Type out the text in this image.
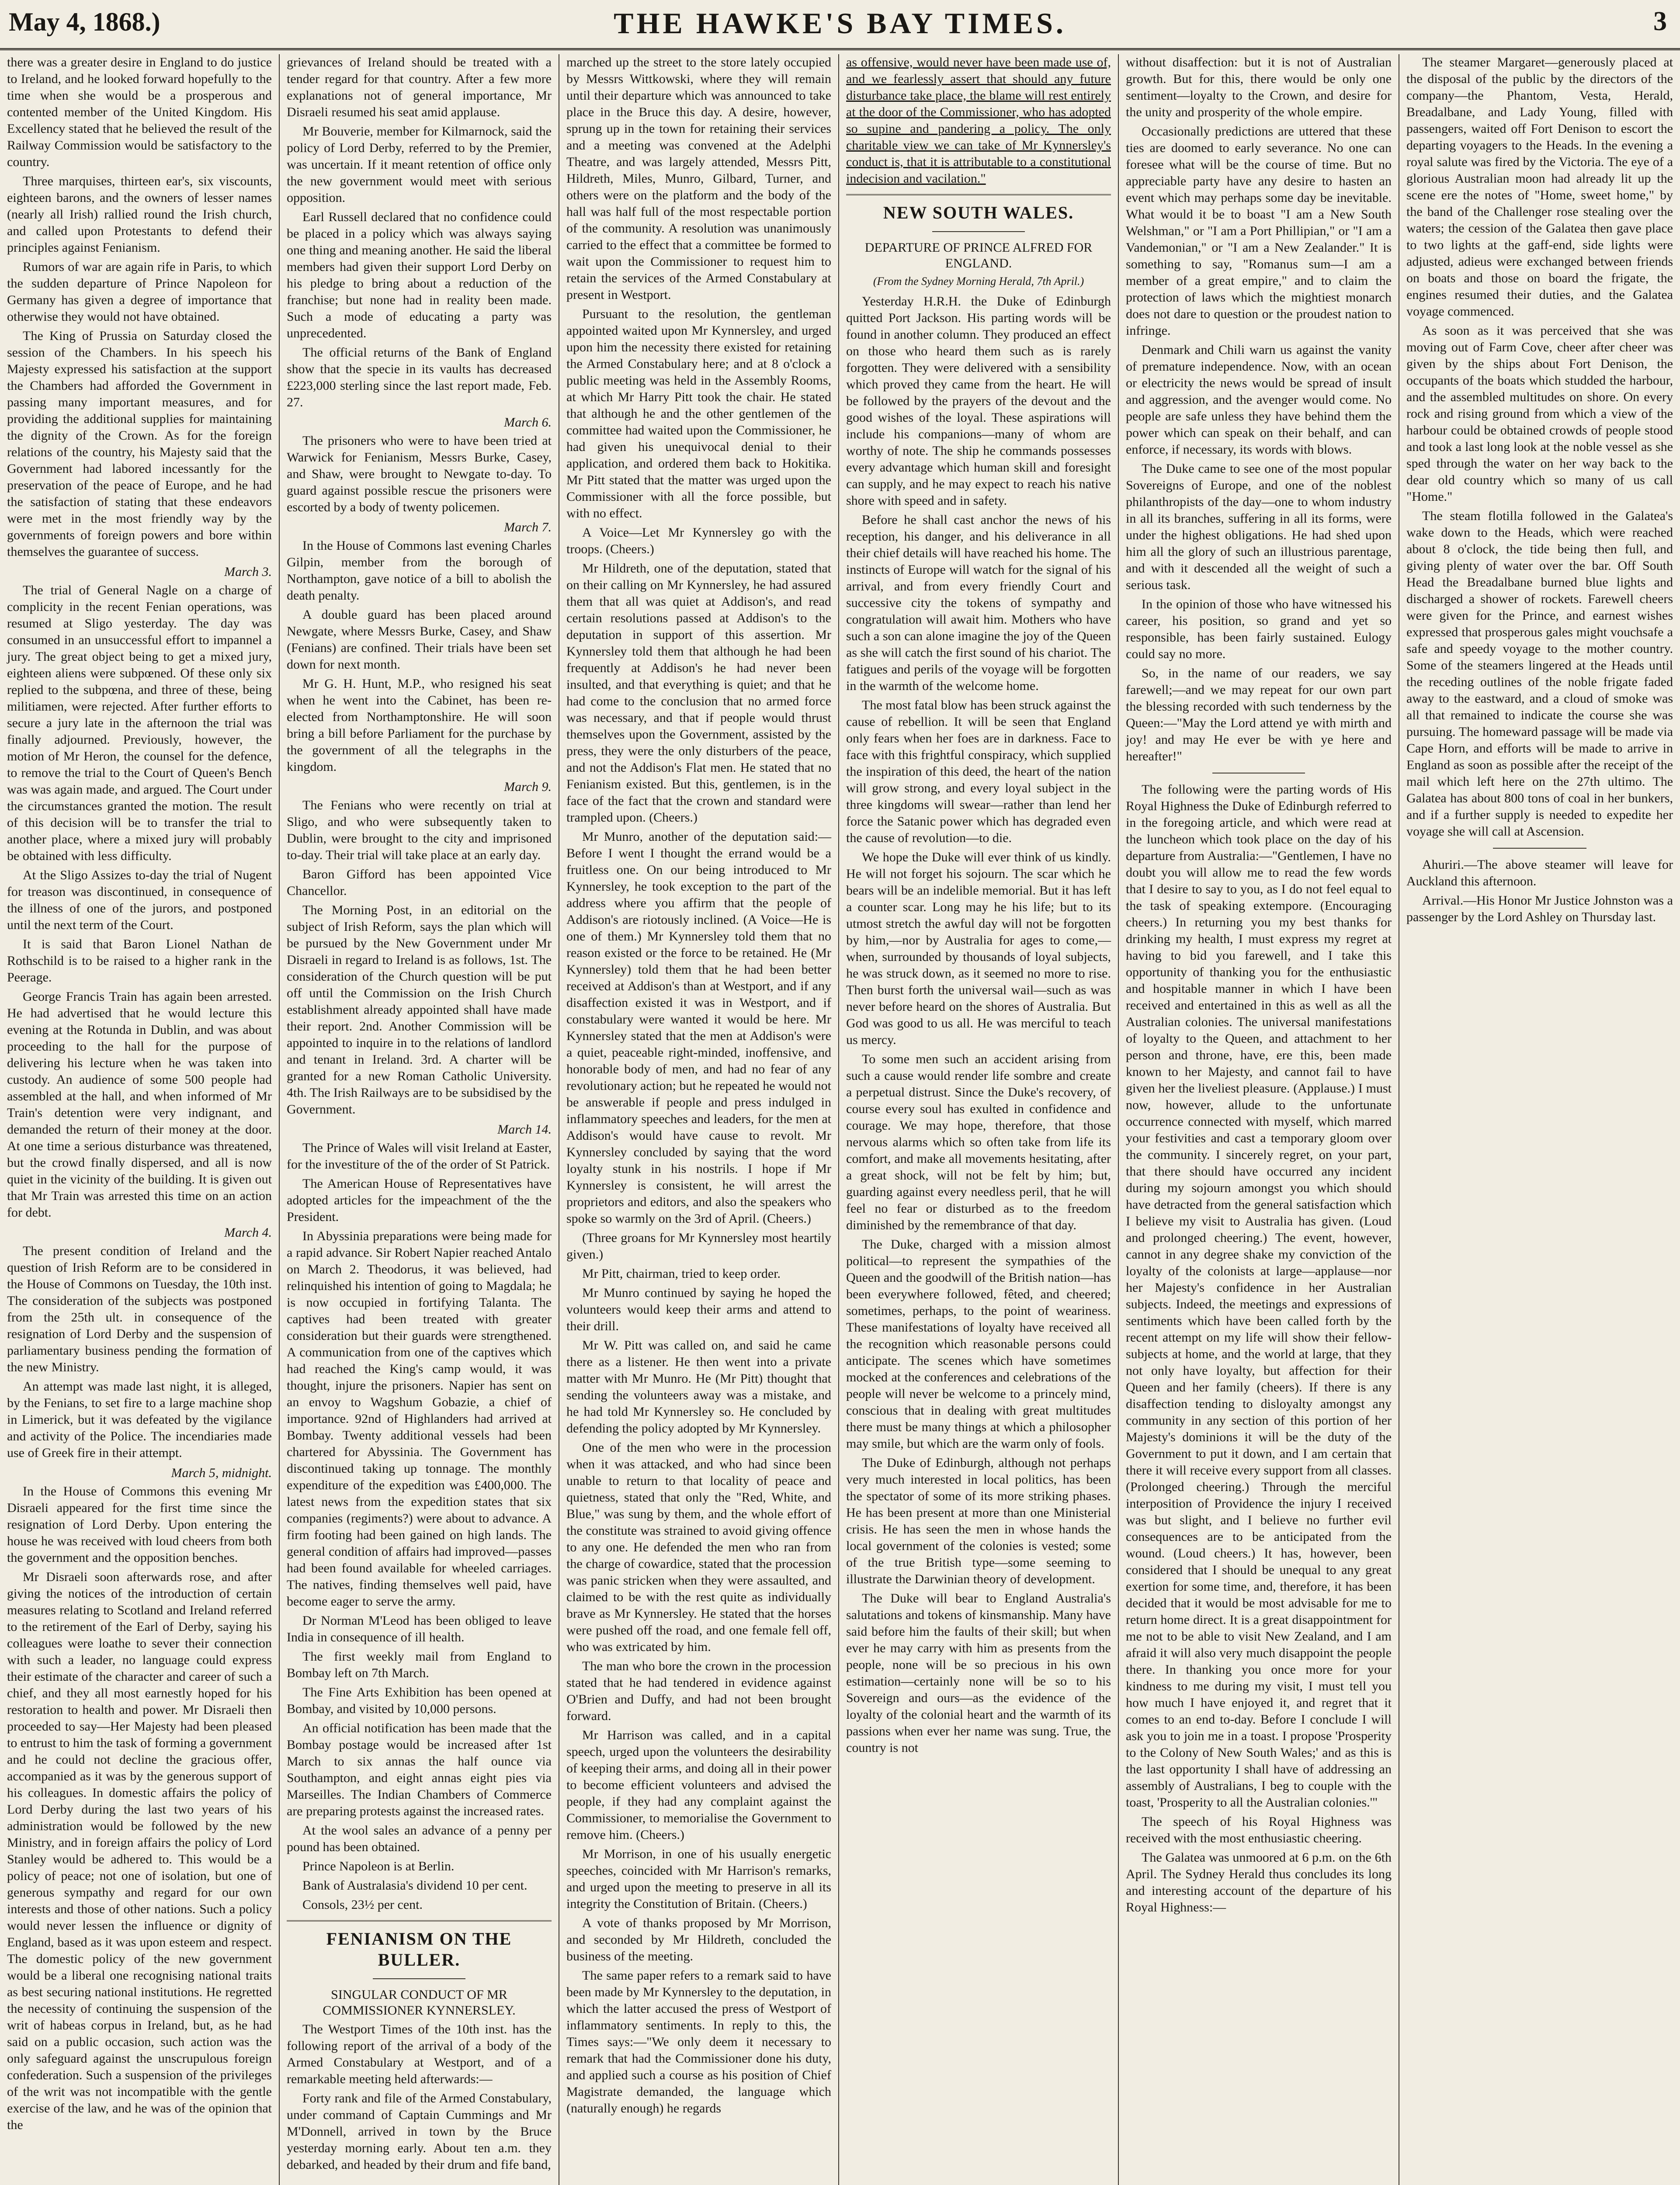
May 4, 1868.)	THE HAWKE'S BAY TIMES.	3

there was a greater desire in England to do justice to Ireland, and he looked forward hopefully to the time when she would be a prosperous and contented member of the United Kingdom. His Excellency stated that he believed the result of the Railway Commission would be satisfactory to the country.

Three marquises, thirteen ear's, six viscounts, eighteen barons, and the owners of lesser names (nearly all Irish) rallied round the Irish church, and called upon Protestants to defend their principles against Fenianism.

Rumors of war are again rife in Paris, to which the sudden departure of Prince Napoleon for Germany has given a degree of importance that otherwise they would not have obtained.

The King of Prussia on Saturday closed the session of the Chambers. In his speech his Majesty expressed his satisfaction at the support the Chambers had afforded the Government in passing many important measures, and for providing the additional supplies for maintaining the dignity of the Crown. As for the foreign relations of the country, his Majesty said that the Government had labored incessantly for the preservation of the peace of Europe, and he had the satisfaction of stating that these endeavors were met in the most friendly way by the governments of foreign powers and bore within themselves the guarantee of success.

March 3.

The trial of General Nagle on a charge of complicity in the recent Fenian operations, was resumed at Sligo yesterday. The day was consumed in an unsuccessful effort to impannel a jury. The great object being to get a mixed jury, eighteen aliens were subpœned. Of these only six replied to the subpœna, and three of these, being militiamen, were rejected. After further efforts to secure a jury late in the afternoon the trial was finally adjourned. Previously, however, the motion of Mr Heron, the counsel for the defence, to remove the trial to the Court of Queen's Bench was was again made, and argued. The Court under the circumstances granted the motion. The result of this decision will be to transfer the trial to another place, where a mixed jury will probably be obtained with less difficulty.

At the Sligo Assizes to-day the trial of Nugent for treason was discontinued, in consequence of the illness of one of the jurors, and postponed until the next term of the Court.

It is said that Baron Lionel Nathan de Rothschild is to be raised to a higher rank in the Peerage.

George Francis Train has again been arrested. He had advertised that he would lecture this evening at the Rotunda in Dublin, and was about proceeding to the hall for the purpose of delivering his lecture when he was taken into custody. An audience of some 500 people had assembled at the hall, and when informed of Mr Train's detention were very indignant, and demanded the return of their money at the door. At one time a serious disturbance was threatened, but the crowd finally dispersed, and all is now quiet in the vicinity of the building. It is given out that Mr Train was arrested this time on an action for debt.

March 4.

The present condition of Ireland and the question of Irish Reform are to be considered in the House of Commons on Tuesday, the 10th inst. The consideration of the subjects was postponed from the 25th ult. in consequence of the resignation of Lord Derby and the suspension of parliamentary business pending the formation of the new Ministry.

An attempt was made last night, it is alleged, by the Fenians, to set fire to a large machine shop in Limerick, but it was defeated by the vigilance and activity of the Police. The incendiaries made use of Greek fire in their attempt.

March 5, midnight.

In the House of Commons this evening Mr Disraeli appeared for the first time since the resignation of Lord Derby. Upon entering the house he was received with loud cheers from both the government and the opposition benches.

Mr Disraeli soon afterwards rose, and after giving the notices of the introduction of certain measures relating to Scotland and Ireland referred to the retirement of the Earl of Derby, saying his colleagues were loathe to sever their connection with such a leader, no language could express their estimate of the character and career of such a chief, and they all most earnestly hoped for his restoration to health and power. Mr Disraeli then proceeded to say—Her Majesty had been pleased to entrust to him the task of forming a government and he could not decline the gracious offer, accompanied as it was by the generous support of his colleagues. In domestic affairs the policy of Lord Derby during the last two years of his administration would be followed by the new Ministry, and in foreign affairs the policy of Lord Stanley would be adhered to. This would be a policy of peace; not one of isolation, but one of generous sympathy and regard for our own interests and those of other nations. Such a policy would never lessen the influence or dignity of England, based as it was upon esteem and respect. The domestic policy of the new government would be a liberal one recognising national traits as best securing national institutions. He regretted the necessity of continuing the suspension of the writ of habeas corpus in Ireland, but, as he had said on a public occasion, such action was the only safeguard against the unscrupulous foreign confederation. Such a suspension of the privileges of the writ was not incompatible with the gentle exercise of the law, and he was of the opinion that the

grievances of Ireland should be treated with a tender regard for that country. After a few more explanations not of general importance, Mr Disraeli resumed his seat amid applause.

Mr Bouverie, member for Kilmarnock, said the policy of Lord Derby, referred to by the Premier, was uncertain. If it meant retention of office only the new government would meet with serious opposition.

Earl Russell declared that no confidence could be placed in a policy which was always saying one thing and meaning another. He said the liberal members had given their support Lord Derby on his pledge to bring about a reduction of the franchise; but none had in reality been made. Such a mode of educating a party was unprecedented.

The official returns of the Bank of England show that the specie in its vaults has decreased £223,000 sterling since the last report made, Feb. 27.

March 6.

The prisoners who were to have been tried at Warwick for Fenianism, Messrs Burke, Casey, and Shaw, were brought to Newgate to-day. To guard against possible rescue the prisoners were escorted by a body of twenty policemen.

March 7.

In the House of Commons last evening Charles Gilpin, member from the borough of Northampton, gave notice of a bill to abolish the death penalty.

A double guard has been placed around Newgate, where Messrs Burke, Casey, and Shaw (Fenians) are confined. Their trials have been set down for next month.

Mr G. H. Hunt, M.P., who resigned his seat when he went into the Cabinet, has been re-elected from Northamptonshire. He will soon bring a bill before Parliament for the purchase by the government of all the telegraphs in the kingdom.

March 9.

The Fenians who were recently on trial at Sligo, and who were subsequently taken to Dublin, were brought to the city and imprisoned to-day. Their trial will take place at an early day.

Baron Gifford has been appointed Vice Chancellor.

The Morning Post, in an editorial on the subject of Irish Reform, says the plan which will be pursued by the New Government under Mr Disraeli in regard to Ireland is as follows, 1st. The consideration of the Church question will be put off until the Commission on the Irish Church establishment already appointed shall have made their report. 2nd. Another Commission will be appointed to inquire in to the relations of landlord and tenant in Ireland. 3rd. A charter will be granted for a new Roman Catholic University. 4th. The Irish Railways are to be subsidised by the Government.

March 14.

The Prince of Wales will visit Ireland at Easter, for the investiture of the of the order of St Patrick.

The American House of Representatives have adopted articles for the impeachment of the the President.

In Abyssinia preparations were being made for a rapid advance. Sir Robert Napier reached Antalo on March 2. Theodorus, it was believed, had relinquished his intention of going to Magdala; he is now occupied in fortifying Talanta. The captives had been treated with greater consideration but their guards were strengthened. A communication from one of the captives which had reached the King's camp would, it was thought, injure the prisoners. Napier has sent on an envoy to Wagshum Gobazie, a chief of importance. 92nd of Highlanders had arrived at Bombay. Twenty additional vessels had been chartered for Abyssinia. The Government has discontinued taking up tonnage. The monthly expenditure of the expedition was £400,000. The latest news from the expedition states that six companies (regiments?) were about to advance. A firm footing had been gained on high lands. The general condition of affairs had improved—passes had been found available for wheeled carriages. The natives, finding themselves well paid, have become eager to serve the army.

Dr Norman M'Leod has been obliged to leave India in consequence of ill health.

The first weekly mail from England to Bombay left on 7th March.

The Fine Arts Exhibition has been opened at Bombay, and visited by 10,000 persons.

An official notification has been made that the Bombay postage would be increased after 1st March to six annas the half ounce via Southampton, and eight annas eight pies via Marseilles. The Indian Chambers of Commerce are preparing protests against the increased rates.

At the wool sales an advance of a penny per pound has been obtained.

Prince Napoleon is at Berlin.

Bank of Australasia's dividend 10 per cent.

Consols, 23½ per cent.

FENIANISM ON THE BULLER.
SINGULAR CONDUCT OF MR COMMISSIONER KYNNERSLEY.

The Westport Times of the 10th inst. has the following report of the arrival of a body of the Armed Constabulary at Westport, and of a remarkable meeting held afterwards:—

Forty rank and file of the Armed Constabulary, under command of Captain Cummings and Mr M'Donnell, arrived in town by the Bruce yesterday morning early. About ten a.m. they debarked, and headed by their drum and fife band,

marched up the street to the store lately occupied by Messrs Wittkowski, where they will remain until their departure which was announced to take place in the Bruce this day. A desire, however, sprung up in the town for retaining their services and a meeting was convened at the Adelphi Theatre, and was largely attended, Messrs Pitt, Hildreth, Miles, Munro, Gilbard, Turner, and others were on the platform and the body of the hall was half full of the most respectable portion of the community. A resolution was unanimously carried to the effect that a committee be formed to wait upon the Commissioner to request him to retain the services of the Armed Constabulary at present in Westport.

Pursuant to the resolution, the gentleman appointed waited upon Mr Kynnersley, and urged upon him the necessity there existed for retaining the Armed Constabulary here; and at 8 o'clock a public meeting was held in the Assembly Rooms, at which Mr Harry Pitt took the chair. He stated that although he and the other gentlemen of the committee had waited upon the Commissioner, he had given his unequivocal denial to their application, and ordered them back to Hokitika. Mr Pitt stated that the matter was urged upon the Commissioner with all the force possible, but with no effect.

A Voice—Let Mr Kynnersley go with the troops. (Cheers.)

Mr Hildreth, one of the deputation, stated that on their calling on Mr Kynnersley, he had assured them that all was quiet at Addison's, and read certain resolutions passed at Addison's to the deputation in support of this assertion. Mr Kynnersley told them that although he had been frequently at Addison's he had never been insulted, and that everything is quiet; and that he had come to the conclusion that no armed force was necessary, and that if people would thrust themselves upon the Government, assisted by the press, they were the only disturbers of the peace, and not the Addison's Flat men. He stated that no Fenianism existed. But this, gentlemen, is in the face of the fact that the crown and standard were trampled upon. (Cheers.)

Mr Munro, another of the deputation said:—Before I went I thought the errand would be a fruitless one. On our being introduced to Mr Kynnersley, he took exception to the part of the address where you affirm that the people of Addison's are riotously inclined. (A Voice—He is one of them.) Mr Kynnersley told them that no reason existed or the force to be retained. He (Mr Kynnersley) told them that he had been better received at Addison's than at Westport, and if any disaffection existed it was in Westport, and if constabulary were wanted it would be here. Mr Kynnersley stated that the men at Addison's were a quiet, peaceable right-minded, inoffensive, and honorable body of men, and had no fear of any revolutionary action; but he repeated he would not be answerable if people and press indulged in inflammatory speeches and leaders, for the men at Addison's would have cause to revolt. Mr Kynnersley concluded by saying that the word loyalty stunk in his nostrils. I hope if Mr Kynnersley is consistent, he will arrest the proprietors and editors, and also the speakers who spoke so warmly on the 3rd of April. (Cheers.)

(Three groans for Mr Kynnersley most heartily given.)

Mr Pitt, chairman, tried to keep order.

Mr Munro continued by saying he hoped the volunteers would keep their arms and attend to their drill.

Mr W. Pitt was called on, and said he came there as a listener. He then went into a private matter with Mr Munro. He (Mr Pitt) thought that sending the volunteers away was a mistake, and he had told Mr Kynnersley so. He concluded by defending the policy adopted by Mr Kynnersley.

One of the men who were in the procession when it was attacked, and who had since been unable to return to that locality of peace and quietness, stated that only the "Red, White, and Blue," was sung by them, and the whole effort of the constitute was strained to avoid giving offence to any one. He defended the men who ran from the charge of cowardice, stated that the procession was panic stricken when they were assaulted, and claimed to be with the rest quite as individually brave as Mr Kynnersley. He stated that the horses were pushed off the road, and one female fell off, who was extricated by him.

The man who bore the crown in the procession stated that he had tendered in evidence against O'Brien and Duffy, and had not been brought forward.

Mr Harrison was called, and in a capital speech, urged upon the volunteers the desirability of keeping their arms, and doing all in their power to become efficient volunteers and advised the people, if they had any complaint against the Commissioner, to memorialise the Government to remove him. (Cheers.)

Mr Morrison, in one of his usually energetic speeches, coincided with Mr Harrison's remarks, and urged upon the meeting to preserve in all its integrity the Constitution of Britain. (Cheers.)

A vote of thanks proposed by Mr Morrison, and seconded by Mr Hildreth, concluded the business of the meeting.

The same paper refers to a remark said to have been made by Mr Kynnersley to the deputation, in which the latter accused the press of Westport of inflammatory sentiments. In reply to this, the Times says:—"We only deem it necessary to remark that had the Commissioner done his duty, and applied such a course as his position of Chief Magistrate demanded, the language which (naturally enough) he regards

as offensive, would never have been made use of, and we fearlessly assert that should any future disturbance take place, the blame will rest entirely at the door of the Commissioner, who has adopted so supine and pandering a policy. The only charitable view we can take of Mr Kynnersley's conduct is, that it is attributable to a constitutional indecision and vacilation."

NEW SOUTH WALES.
DEPARTURE OF PRINCE ALFRED FOR ENGLAND.
(From the Sydney Morning Herald, 7th April.)

Yesterday H.R.H. the Duke of Edinburgh quitted Port Jackson. His parting words will be found in another column. They produced an effect on those who heard them such as is rarely forgotten. They were delivered with a sensibility which proved they came from the heart. He will be followed by the prayers of the devout and the good wishes of the loyal. These aspirations will include his companions—many of whom are worthy of note. The ship he commands possesses every advantage which human skill and foresight can supply, and he may expect to reach his native shore with speed and in safety.

Before he shall cast anchor the news of his reception, his danger, and his deliverance in all their chief details will have reached his home. The instincts of Europe will watch for the signal of his arrival, and from every friendly Court and successive city the tokens of sympathy and congratulation will await him. Mothers who have such a son can alone imagine the joy of the Queen as she will catch the first sound of his chariot. The fatigues and perils of the voyage will be forgotten in the warmth of the welcome home.

The most fatal blow has been struck against the cause of rebellion. It will be seen that England only fears when her foes are in darkness. Face to face with this frightful conspiracy, which supplied the inspiration of this deed, the heart of the nation will grow strong, and every loyal subject in the three kingdoms will swear—rather than lend her force the Satanic power which has degraded even the cause of revolution—to die.

We hope the Duke will ever think of us kindly. He will not forget his sojourn. The scar which he bears will be an indelible memorial. But it has left a counter scar. Long may he his life; but to its utmost stretch the awful day will not be forgotten by him,—nor by Australia for ages to come,—when, surrounded by thousands of loyal subjects, he was struck down, as it seemed no more to rise. Then burst forth the universal wail—such as was never before heard on the shores of Australia. But God was good to us all. He was merciful to teach us mercy.

To some men such an accident arising from such a cause would render life sombre and create a perpetual distrust. Since the Duke's recovery, of course every soul has exulted in confidence and courage. We may hope, therefore, that those nervous alarms which so often take from life its comfort, and make all movements hesitating, after a great shock, will not be felt by him; but, guarding against every needless peril, that he will feel no fear or disturbed as to the freedom diminished by the remembrance of that day.

The Duke, charged with a mission almost political—to represent the sympathies of the Queen and the goodwill of the British nation—has been everywhere followed, fêted, and cheered; sometimes, perhaps, to the point of weariness. These manifestations of loyalty have received all the recognition which reasonable persons could anticipate. The scenes which have sometimes mocked at the conferences and celebrations of the people will never be welcome to a princely mind, conscious that in dealing with great multitudes there must be many things at which a philosopher may smile, but which are the warm only of fools.

The Duke of Edinburgh, although not perhaps very much interested in local politics, has been the spectator of some of its more striking phases. He has been present at more than one Ministerial crisis. He has seen the men in whose hands the local government of the colonies is vested; some of the true British type—some seeming to illustrate the Darwinian theory of development.

The Duke will bear to England Australia's salutations and tokens of kinsmanship. Many have said before him the faults of their skill; but when ever he may carry with him as presents from the people, none will be so precious in his own estimation—certainly none will be so to his Sovereign and ours—as the evidence of the loyalty of the colonial heart and the warmth of its passions when ever her name was sung. True, the country is not

without disaffection: but it is not of Australian growth. But for this, there would be only one sentiment—loyalty to the Crown, and desire for the unity and prosperity of the whole empire.

Occasionally predictions are uttered that these ties are doomed to early severance. No one can foresee what will be the course of time. But no appreciable party have any desire to hasten an event which may perhaps some day be inevitable. What would it be to boast "I am a New South Welshman," or "I am a Port Phillipian," or "I am a Vandemonian," or "I am a New Zealander." It is something to say, "Romanus sum—I am a member of a great empire," and to claim the protection of laws which the mightiest monarch does not dare to question or the proudest nation to infringe.

Denmark and Chili warn us against the vanity of premature independence. Now, with an ocean or electricity the news would be spread of insult and aggression, and the avenger would come. No people are safe unless they have behind them the power which can speak on their behalf, and can enforce, if necessary, its words with blows.

The Duke came to see one of the most popular Sovereigns of Europe, and one of the noblest philanthropists of the day—one to whom industry in all its branches, suffering in all its forms, were under the highest obligations. He had shed upon him all the glory of such an illustrious parentage, and with it descended all the weight of such a serious task.

In the opinion of those who have witnessed his career, his position, so grand and yet so responsible, has been fairly sustained. Eulogy could say no more.

So, in the name of our readers, we say farewell;—and we may repeat for our own part the blessing recorded with such tenderness by the Queen:—"May the Lord attend ye with mirth and joy! and may He ever be with ye here and hereafter!"

The following were the parting words of His Royal Highness the Duke of Edinburgh referred to in the foregoing article, and which were read at the luncheon which took place on the day of his departure from Australia:—"Gentlemen, I have no doubt you will allow me to read the few words that I desire to say to you, as I do not feel equal to the task of speaking extempore. (Encouraging cheers.) In returning you my best thanks for drinking my health, I must express my regret at having to bid you farewell, and I take this opportunity of thanking you for the enthusiastic and hospitable manner in which I have been received and entertained in this as well as all the Australian colonies. The universal manifestations of loyalty to the Queen, and attachment to her person and throne, have, ere this, been made known to her Majesty, and cannot fail to have given her the liveliest pleasure. (Applause.) I must now, however, allude to the unfortunate occurrence connected with myself, which marred your festivities and cast a temporary gloom over the community. I sincerely regret, on your part, that there should have occurred any incident during my sojourn amongst you which should have detracted from the general satisfaction which I believe my visit to Australia has given. (Loud and prolonged cheering.) The event, however, cannot in any degree shake my conviction of the loyalty of the colonists at large—applause—nor her Majesty's confidence in her Australian subjects. Indeed, the meetings and expressions of sentiments which have been called forth by the recent attempt on my life will show their fellow-subjects at home, and the world at large, that they not only have loyalty, but affection for their Queen and her family (cheers). If there is any disaffection tending to disloyalty amongst any community in any section of this portion of her Majesty's dominions it will be the duty of the Government to put it down, and I am certain that there it will receive every support from all classes. (Prolonged cheering.) Through the merciful interposition of Providence the injury I received was but slight, and I believe no further evil consequences are to be anticipated from the wound. (Loud cheers.) It has, however, been considered that I should be unequal to any great exertion for some time, and, therefore, it has been decided that it would be most advisable for me to return home direct. It is a great disappointment for me not to be able to visit New Zealand, and I am afraid it will also very much disappoint the people there. In thanking you once more for your kindness to me during my visit, I must tell you how much I have enjoyed it, and regret that it comes to an end to-day. Before I conclude I will ask you to join me in a toast. I propose 'Prosperity to the Colony of New South Wales;' and as this is the last opportunity I shall have of addressing an assembly of Australians, I beg to couple with the toast, 'Prosperity to all the Australian colonies.'"

The speech of his Royal Highness was received with the most enthusiastic cheering.

The Galatea was unmoored at 6 p.m. on the 6th April. The Sydney Herald thus concludes its long and interesting account of the departure of his Royal Highness:—

The steamer Margaret—generously placed at the disposal of the public by the directors of the company—the Phantom, Vesta, Herald, Breadalbane, and Lady Young, filled with passengers, waited off Fort Denison to escort the departing voyagers to the Heads. In the evening a royal salute was fired by the Victoria. The eye of a glorious Australian moon had already lit up the scene ere the notes of "Home, sweet home," by the band of the Challenger rose stealing over the waters; the cession of the Galatea then gave place to two lights at the gaff-end, side lights were adjusted, adieus were exchanged between friends on boats and those on board the frigate, the engines resumed their duties, and the Galatea voyage commenced.

As soon as it was perceived that she was moving out of Farm Cove, cheer after cheer was given by the ships about Fort Denison, the occupants of the boats which studded the harbour, and the assembled multitudes on shore. On every rock and rising ground from which a view of the harbour could be obtained crowds of people stood and took a last long look at the noble vessel as she sped through the water on her way back to the dear old country which so many of us call "Home."

The steam flotilla followed in the Galatea's wake down to the Heads, which were reached about 8 o'clock, the tide being then full, and giving plenty of water over the bar. Off South Head the Breadalbane burned blue lights and discharged a shower of rockets. Farewell cheers were given for the Prince, and earnest wishes expressed that prosperous gales might vouchsafe a safe and speedy voyage to the mother country. Some of the steamers lingered at the Heads until the receding outlines of the noble frigate faded away to the eastward, and a cloud of smoke was all that remained to indicate the course she was pursuing. The homeward passage will be made via Cape Horn, and efforts will be made to arrive in England as soon as possible after the receipt of the mail which left here on the 27th ultimo. The Galatea has about 800 tons of coal in her bunkers, and if a further supply is needed to expedite her voyage she will call at Ascension.

Ahuriri.—The above steamer will leave for Auckland this afternoon.

Arrival.—His Honor Mr Justice Johnston was a passenger by the Lord Ashley on Thursday last.
